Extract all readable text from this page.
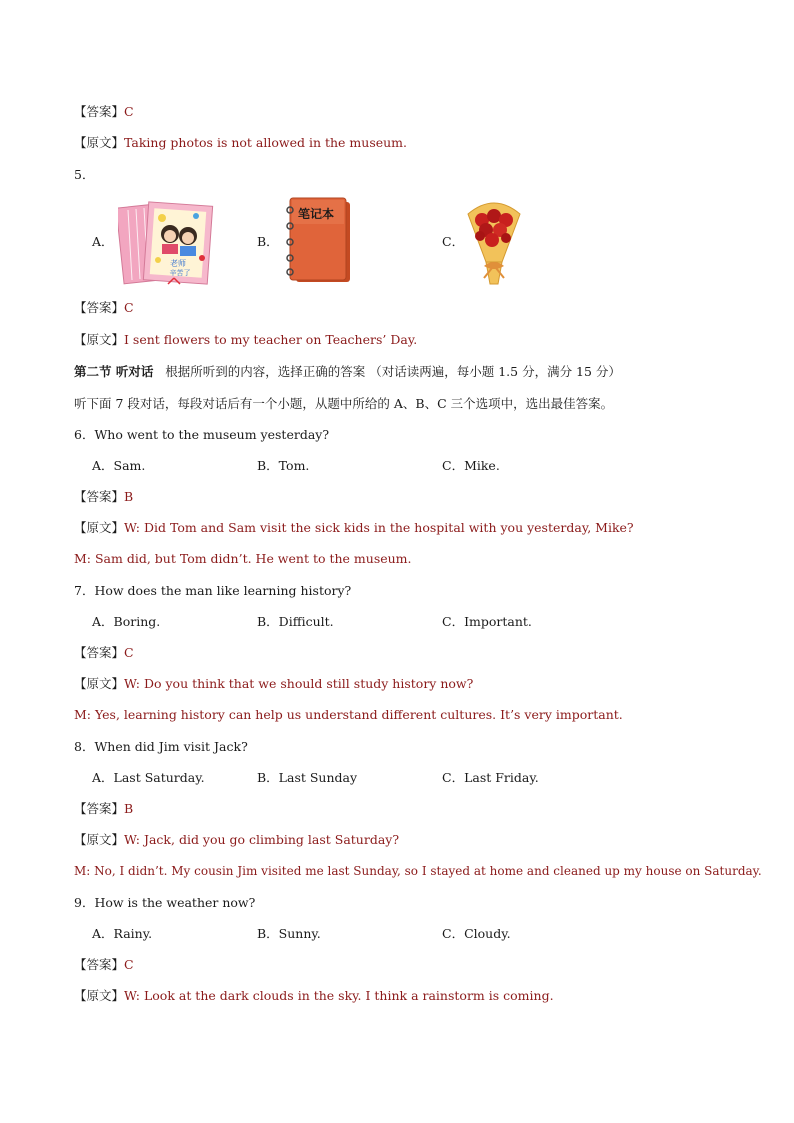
【答案】C
【原文】Taking photos is not allowed in the museum.
5．
A．	B．	C．
老师
辛苦了
笔记本
【答案】C
【原文】I sent flowers to my teacher on Teachers’ Day.
第二节 听对话 根据所听到的内容，选择正确的答案 （对话读两遍，每小题 1.5 分，满分 15 分）
听下面 7 段对话，每段对话后有一个小题，从题中所给的 A、B、C 三个选项中，选出最佳答案。
6．Who went to the museum yesterday?
A．Sam.	B．Tom.	C．Mike.
【答案】B
【原文】W: Did Tom and Sam visit the sick kids in the hospital with you yesterday, Mike?
M: Sam did, but Tom didn’t. He went to the museum.
7．How does the man like learning history?
A．Boring.	B．Difficult.	C．Important.
【答案】C
【原文】W: Do you think that we should still study history now?
M: Yes, learning history can help us understand different cultures. It’s very important.
8．When did Jim visit Jack?
A．Last Saturday.	B．Last Sunday	C．Last Friday.
【答案】B
【原文】W: Jack, did you go climbing last Saturday?
M: No, I didn’t. My cousin Jim visited me last Sunday, so I stayed at home and cleaned up my house on Saturday.
9．How is the weather now?
A．Rainy.	B．Sunny.	C．Cloudy.
【答案】C
【原文】W: Look at the dark clouds in the sky. I think a rainstorm is coming.
